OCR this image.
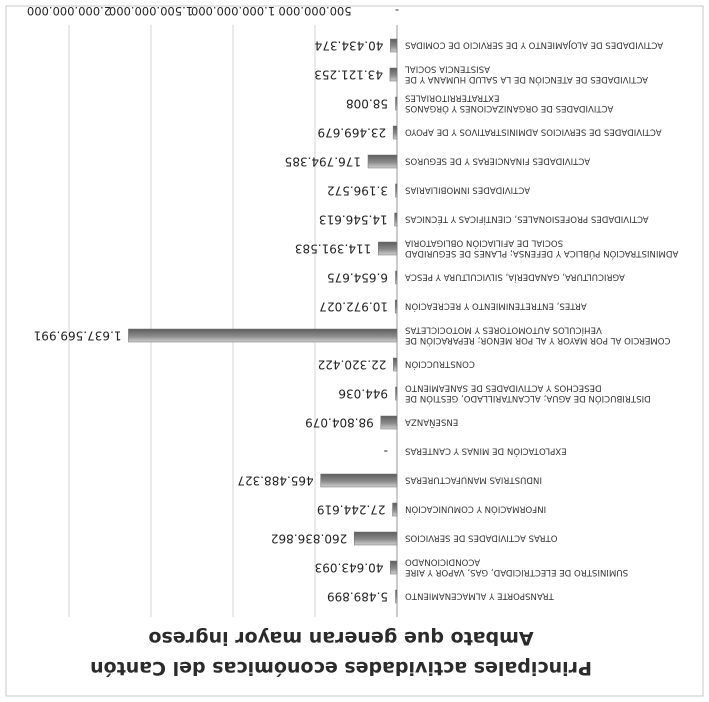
Principales actividades económicas del Cantón
Ambato que generan mayor ingreso
TRANSPORTE Y ALMACENAMIENTO
SUMINISTRO DE ELECTRICIDAD, GAS, VAPOR Y AIRE
ACONDICIONADO
OTRAS ACTIVIDADES DE SERVICIOS
INFORMACIÓN Y COMUNICACIÓN
INDUSTRIAS MANUFACTURERAS
EXPLOTACIÓN DE MINAS Y CANTERAS
ENSEÑANZA
DISTRIBUCIÓN DE AGUA; ALCANTARILLADO, GESTIÓN DE
DESECHOS Y ACTIVIDADES DE SANEAMIENTO
CONSTRUCCIÓN
COMERCIO AL POR MAYOR Y AL POR MENOR; REPARACIÓN DE
VEHÍCULOS AUTOMOTORES Y MOTOCICLETAS
ARTES, ENTRETENIMIENTO Y RECREACIÓN
AGRICULTURA, GANADERÍA, SILVICULTURA Y PESCA
ADMINISTRACIÓN PÚBLICA Y DEFENSA; PLANES DE SEGURIDAD
SOCIAL DE AFILIACIÓN OBLIGATORIA
ACTIVIDADES PROFESIONALES, CIENTÍFICAS Y TÉCNICAS
ACTIVIDADES INMOBILIARIAS
ACTIVIDADES FINANCIERAS Y DE SEGUROS
ACTIVIDADES DE SERVICIOS ADMINISTRATIVOS Y DE APOYO
ACTIVIDADES DE ORGANIZACIONES Y ÓRGANOS
EXTRATERRITORIALES
ACTIVIDADES DE ATENCIÓN DE LA SALUD HUMANA Y DE
ASISTENCIA SOCIAL
ACTIVIDADES DE ALOJAMIENTO Y DE SERVICIO DE COMIDAS
5.489.899
40.643.093
260.836.862
27.244.619
465.488.327
-
98.804.079
944.036
22.320.422
1.637.569.991
10.972.027
6.654.675
114.391.583
14.546.613
3.196.572
176.794.385
23.469.679
58.008
43.121.253
40.434.374
-
500.000.000
1.000.000.000
1.500.000.000
2.000.000.000
